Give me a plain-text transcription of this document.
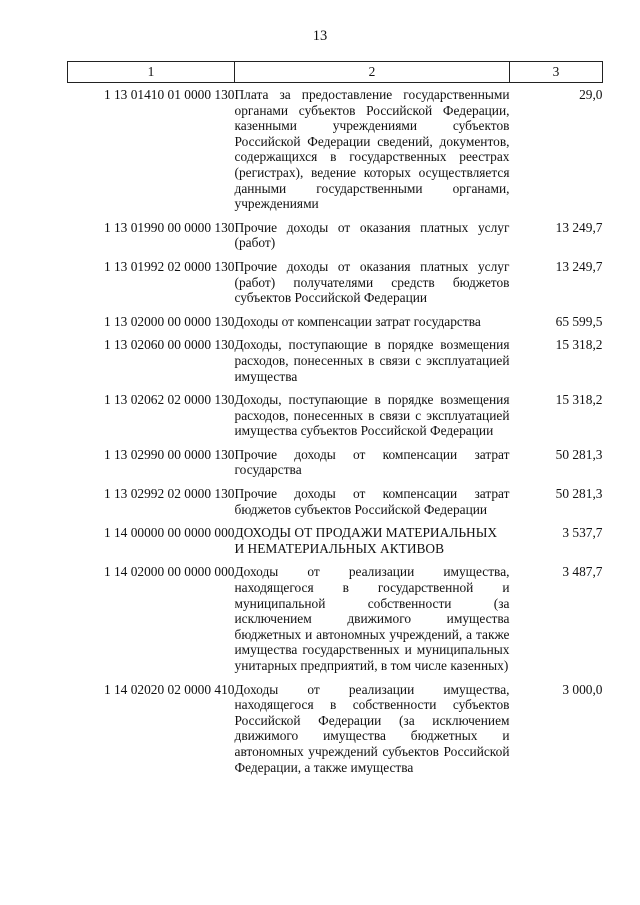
13
1	2	3
1 13 01410 01 0000 130	Плата за предоставление государственными органами субъектов Российской Федерации, казенными учреждениями субъектов Российской Федерации сведений, документов, содержащихся в государственных реестрах (регистрах), ведение которых осуществляется данными государственными органами, учреждениями	29,0
1 13 01990 00 0000 130	Прочие доходы от оказания платных услуг (работ)	13 249,7
1 13 01992 02 0000 130	Прочие доходы от оказания платных услуг (работ) получателями средств бюджетов субъектов Российской Федерации	13 249,7
1 13 02000 00 0000 130	Доходы от компенсации затрат государства	65 599,5
1 13 02060 00 0000 130	Доходы, поступающие в порядке возмещения расходов, понесенных в связи с эксплуатацией имущества	15 318,2
1 13 02062 02 0000 130	Доходы, поступающие в порядке возмещения расходов, понесенных в связи с эксплуатацией имущества субъектов Российской Федерации	15 318,2
1 13 02990 00 0000 130	Прочие доходы от компенсации затрат государства	50 281,3
1 13 02992 02 0000 130	Прочие доходы от компенсации затрат бюджетов субъектов Российской Федерации	50 281,3
1 14 00000 00 0000 000	ДОХОДЫ ОТ ПРОДАЖИ МАТЕРИАЛЬНЫХ И НЕМАТЕРИАЛЬНЫХ АКТИВОВ	3 537,7
1 14 02000 00 0000 000	Доходы от реализации имущества, находящегося в государственной и муниципальной собственности (за исключением движимого имущества бюджетных и автономных учреждений, а также имущества государственных и муниципальных унитарных предприятий, в том числе казенных)	3 487,7
1 14 02020 02 0000 410	Доходы от реализации имущества, находящегося в собственности субъектов Российской Федерации (за исключением движимого имущества бюджетных и автономных учреждений субъектов Российской Федерации, а также имущества	3 000,0
